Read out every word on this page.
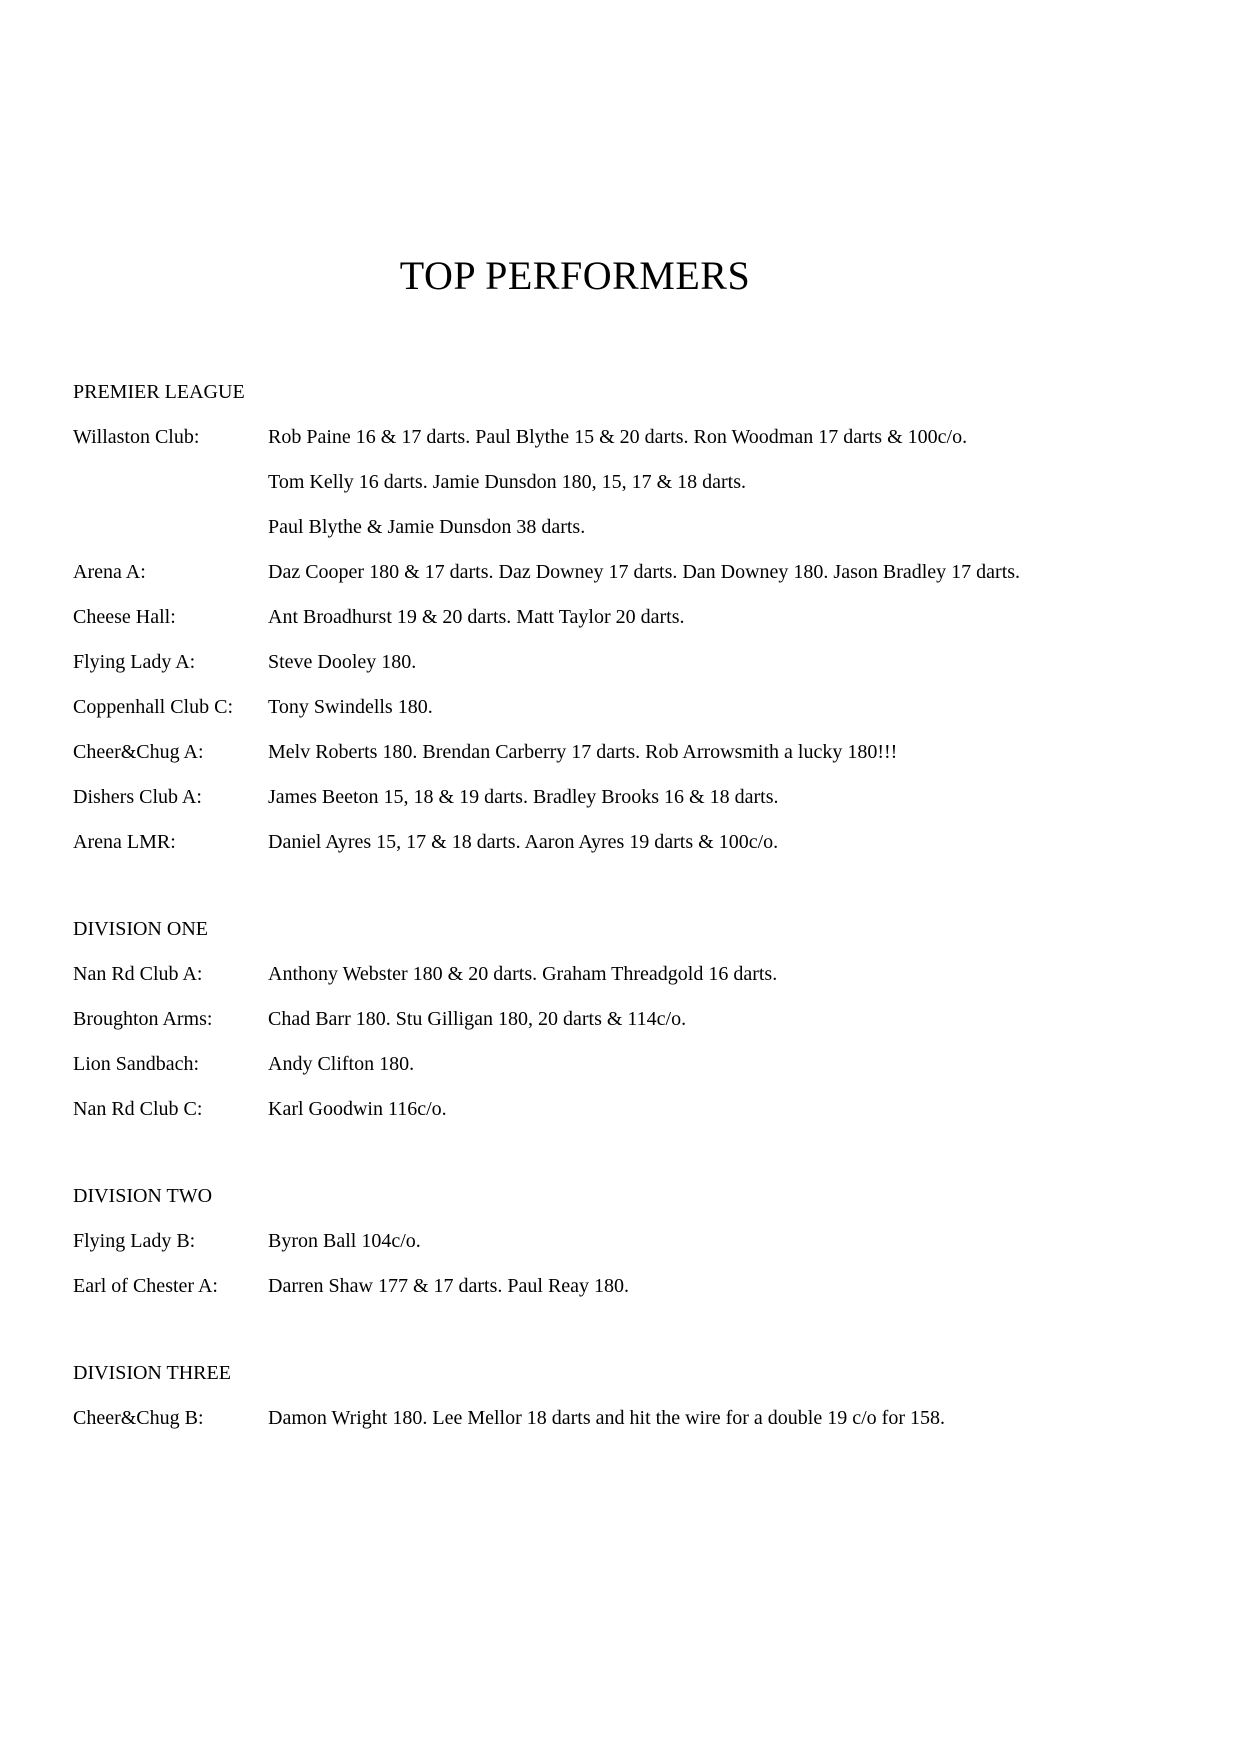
TOP PERFORMERS
PREMIER LEAGUE
Willaston Club:	Rob Paine 16 & 17 darts. Paul Blythe 15 & 20 darts. Ron Woodman 17 darts & 100c/o.
Tom Kelly 16 darts. Jamie Dunsdon 180, 15, 17 & 18 darts.
Paul Blythe & Jamie Dunsdon 38 darts.
Arena A:	Daz Cooper 180 & 17 darts. Daz Downey 17 darts. Dan Downey 180. Jason Bradley 17 darts.
Cheese Hall:	Ant Broadhurst 19 & 20 darts. Matt Taylor 20 darts.
Flying Lady A:	Steve Dooley 180.
Coppenhall Club C:	Tony Swindells 180.
Cheer&Chug A:	Melv Roberts 180. Brendan Carberry 17 darts. Rob Arrowsmith a lucky 180!!!
Dishers Club A:	James Beeton 15, 18 & 19 darts. Bradley Brooks 16 & 18 darts.
Arena LMR:	Daniel Ayres 15, 17 & 18 darts. Aaron Ayres 19 darts & 100c/o.
DIVISION ONE
Nan Rd Club A:	Anthony Webster 180 & 20 darts. Graham Threadgold 16 darts.
Broughton Arms:	Chad Barr 180. Stu Gilligan 180, 20 darts & 114c/o.
Lion Sandbach:	Andy Clifton 180.
Nan Rd Club C:	Karl Goodwin 116c/o.
DIVISION TWO
Flying Lady B:	Byron Ball 104c/o.
Earl of Chester A:	Darren Shaw 177 & 17 darts. Paul Reay 180.
DIVISION THREE
Cheer&Chug B:	Damon Wright 180. Lee Mellor 18 darts and hit the wire for a double 19 c/o for 158.
